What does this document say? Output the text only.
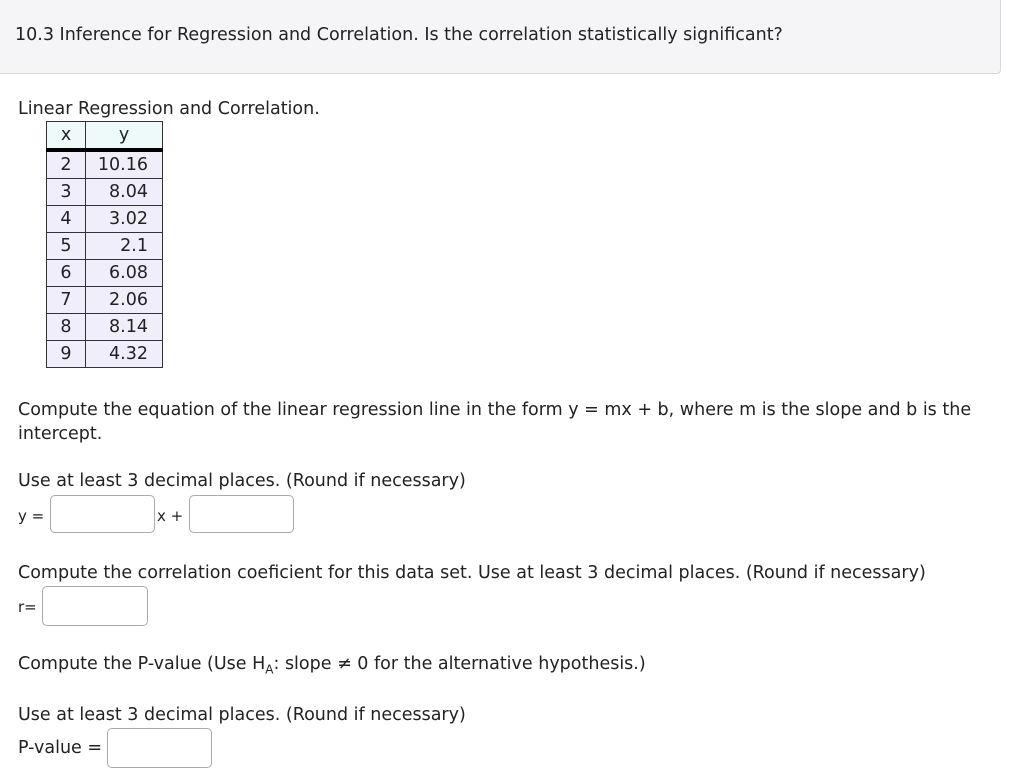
10.3 Inference for Regression and Correlation. Is the correlation statistically significant?
Linear Regression and Correlation.
x	y
2	10.16
3	8.04
4	3.02
5	2.1
6	6.08
7	2.06
8	8.14
9	4.32
Compute the equation of the linear regression line in the form y = mx + b, where m is the slope and b is the
intercept.
Use at least 3 decimal places. (Round if necessary)
y =	x +
Compute the correlation coeficient for this data set. Use at least 3 decimal places. (Round if necessary)
r=
Compute the P-value (Use $H_A$: slope ≠ 0 for the alternative hypothesis.)
Use at least 3 decimal places. (Round if necessary)
P-value =
